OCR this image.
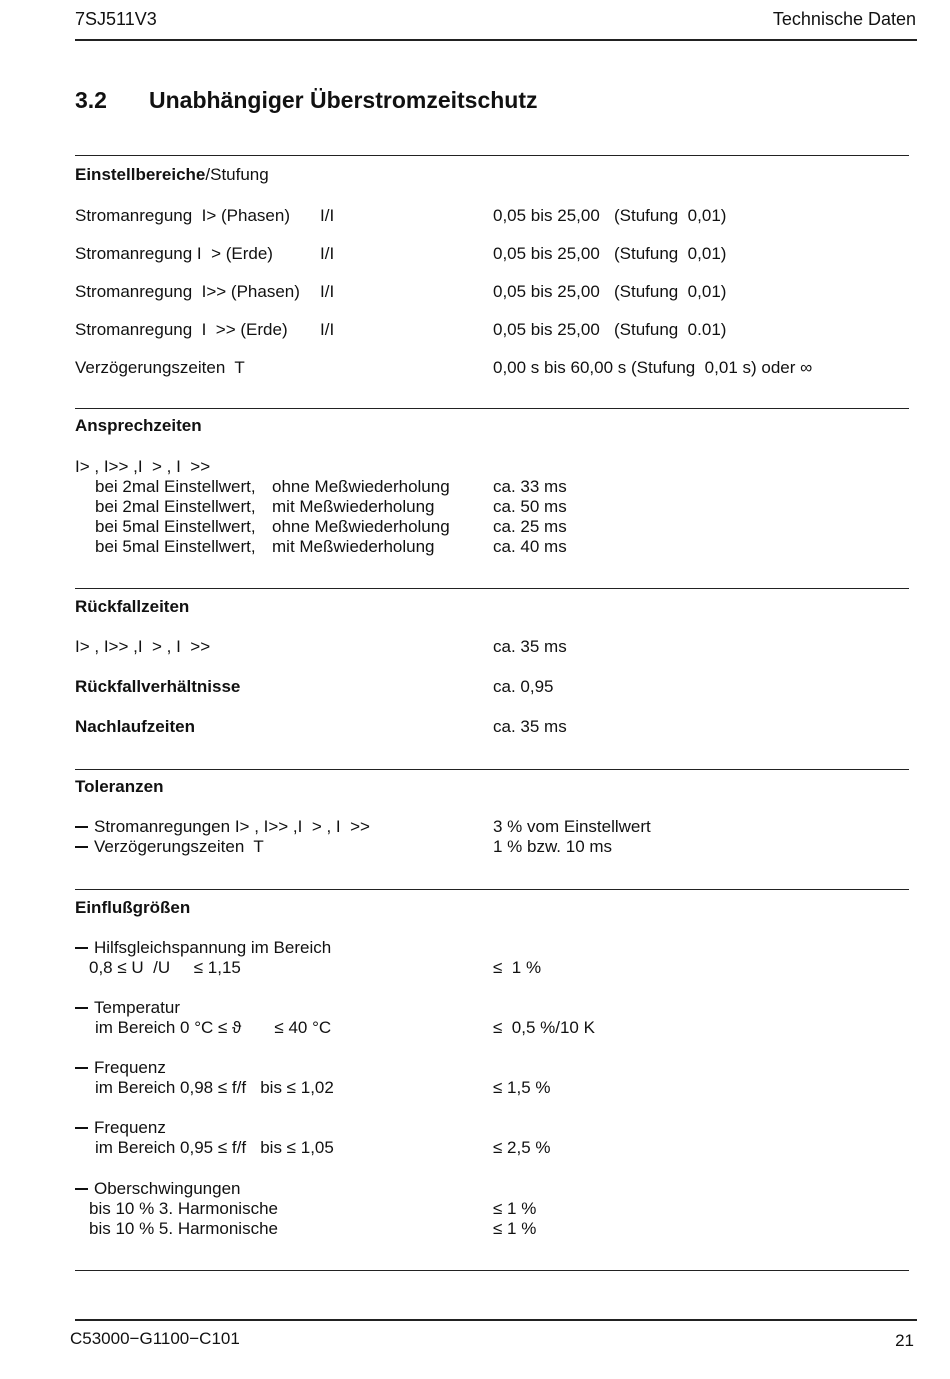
7SJ511V3	Technische Daten
3.2 Unabhängiger Überstromzeitschutz
Einstellbereiche/Stufung
Stromanregung  I> (Phasen) I/I	0,05 bis 25,00   (Stufung  0,01)
Stromanregung I  > (Erde)	I/I	0,05 bis 25,00   (Stufung  0,01)
Stromanregung  I>> (Phasen) I/I	0,05 bis 25,00   (Stufung  0,01)
Stromanregung  I  >> (Erde) I/I	0,05 bis 25,00   (Stufung  0.01)
Verzögerungszeiten  T	0,00 s bis 60,00 s (Stufung  0,01 s) oder ∞
Ansprechzeiten
I> , I>> ,I  > , I  >>
bei 2mal Einstellwert, ohne Meßwiederholung	ca. 33 ms
bei 2mal Einstellwert, mit Meßwiederholung	ca. 50 ms
bei 5mal Einstellwert, ohne Meßwiederholung	ca. 25 ms
bei 5mal Einstellwert, mit Meßwiederholung	ca. 40 ms
Rückfallzeiten
I> , I>> ,I  > , I  >>	ca. 35 ms
Rückfallverhältnisse	ca. 0,95
Nachlaufzeiten	ca. 35 ms
Toleranzen
Stromanregungen I> , I>> ,I  > , I  >>	3 % vom Einstellwert
Verzögerungszeiten  T	1 % bzw. 10 ms
Einflußgrößen
Hilfsgleichspannung im Bereich
0,8 ≤ U  /U     ≤ 1,15	≤  1 %
Temperatur
im Bereich 0 °C ≤ ϑ       ≤ 40 °C	≤  0,5 %/10 K
Frequenz
im Bereich 0,98 ≤ f/f   bis ≤ 1,02	≤ 1,5 %
Frequenz
im Bereich 0,95 ≤ f/f   bis ≤ 1,05	≤ 2,5 %
Oberschwingungen
bis 10 % 3. Harmonische	≤ 1 %
bis 10 % 5. Harmonische	≤ 1 %
C53000−G1100−C101	21
